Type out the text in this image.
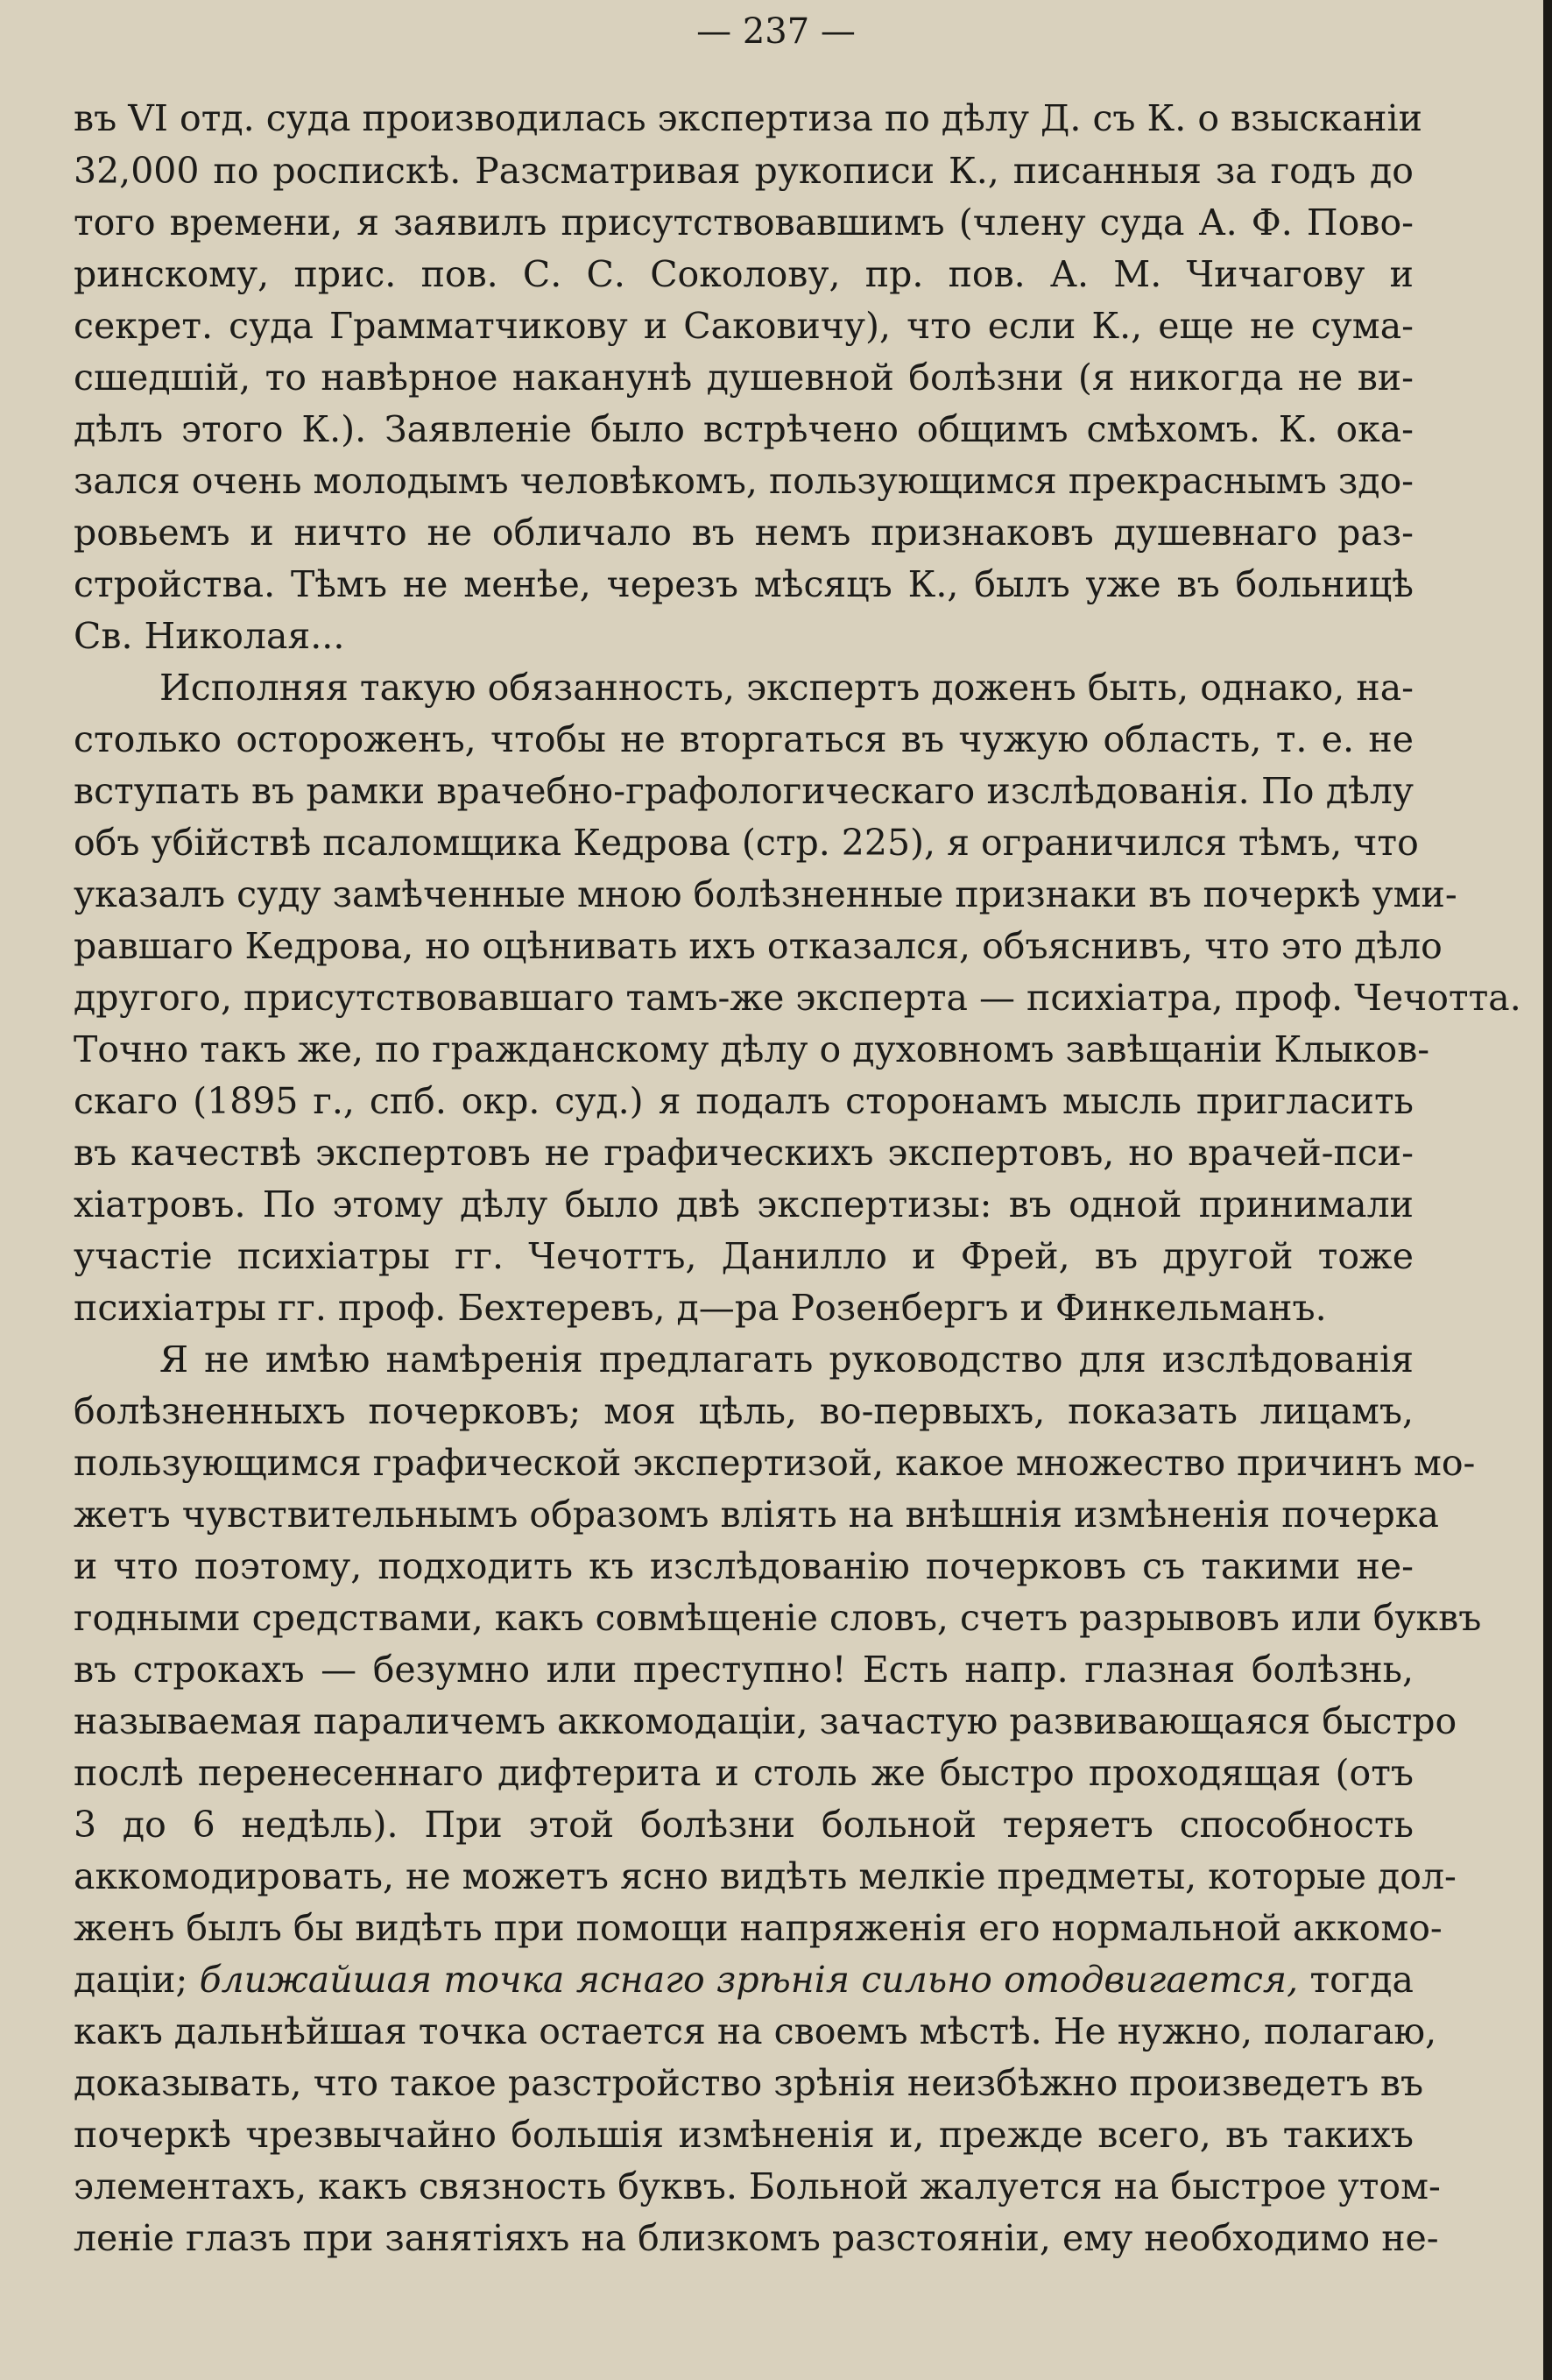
— 237 —
въ VI отд. суда производилась экспертиза по дѣлу Д. съ К. о взысканіи
32,000 по роспискѣ. Разсматривая рукописи К., писанныя за годъ до
того времени, я заявилъ присутствовавшимъ (члену суда А. Ф. Пово-
ринскому, прис. пов. С. С. Соколову, пр. пов. А. М. Чичагову и
секрет. суда Грамматчикову и Саковичу), что если К., еще не сума-
сшедшій, то навѣрное наканунѣ душевной болѣзни (я никогда не ви-
дѣлъ этого К.). Заявленіе было встрѣчено общимъ смѣхомъ. К. ока-
зался очень молодымъ человѣкомъ, пользующимся прекраснымъ здо-
ровьемъ и ничто не обличало въ немъ признаковъ душевнаго раз-
стройства. Тѣмъ не менѣе, черезъ мѣсяцъ К., былъ уже въ больницѣ
Св. Николая...
Исполняя такую обязанность, экспертъ доженъ быть, однако, на-
столько остороженъ, чтобы не вторгаться въ чужую область, т. е. не
вступать въ рамки врачебно-графологическаго изслѣдованія. По дѣлу
объ убійствѣ псаломщика Кедрова (стр. 225), я ограничился тѣмъ, что
указалъ суду замѣченные мною болѣзненные признаки въ почеркѣ уми-
равшаго Кедрова, но оцѣнивать ихъ отказался, объяснивъ, что это дѣло
другого, присутствовавшаго тамъ-же эксперта — психіатра, проф. Чечотта.
Точно такъ же, по гражданскому дѣлу о духовномъ завѣщаніи Клыков-
скаго (1895 г., спб. окр. суд.) я подалъ сторонамъ мысль пригласить
въ качествѣ экспертовъ не графическихъ экспертовъ, но врачей-пси-
хіатровъ. По этому дѣлу было двѣ экспертизы: въ одной принимали
участіе психіатры гг. Чечоттъ, Данилло и Фрей, въ другой тоже
психіатры гг. проф. Бехтеревъ, д—ра Розенбергъ и Финкельманъ.
Я не имѣю намѣренія предлагать руководство для изслѣдованія
болѣзненныхъ почерковъ; моя цѣль, во-первыхъ, показать лицамъ,
пользующимся графической экспертизой, какое множество причинъ мо-
жетъ чувствительнымъ образомъ вліять на внѣшнія измѣненія почерка
и что поэтому, подходить къ изслѣдованію почерковъ съ такими не-
годными средствами, какъ совмѣщеніе словъ, счетъ разрывовъ или буквъ
въ строкахъ — безумно или преступно! Есть напр. глазная болѣзнь,
называемая параличемъ аккомодаціи, зачастую развивающаяся быстро
послѣ перенесеннаго дифтерита и столь же быстро проходящая (отъ
3 до 6 недѣль). При этой болѣзни больной теряетъ способность
аккомодировать, не можетъ ясно видѣть мелкіе предметы, которые дол-
женъ былъ бы видѣть при помощи напряженія его нормальной аккомо-
даціи; ближайшая точка яснаго зрѣнія сильно отодвигается, тогда
какъ дальнѣйшая точка остается на своемъ мѣстѣ. Не нужно, полагаю,
доказывать, что такое разстройство зрѣнія неизбѣжно произведетъ въ
почеркѣ чрезвычайно большія измѣненія и, прежде всего, въ такихъ
элементахъ, какъ связность буквъ. Больной жалуется на быстрое утом-
леніе глазъ при занятіяхъ на близкомъ разстояніи, ему необходимо не-
